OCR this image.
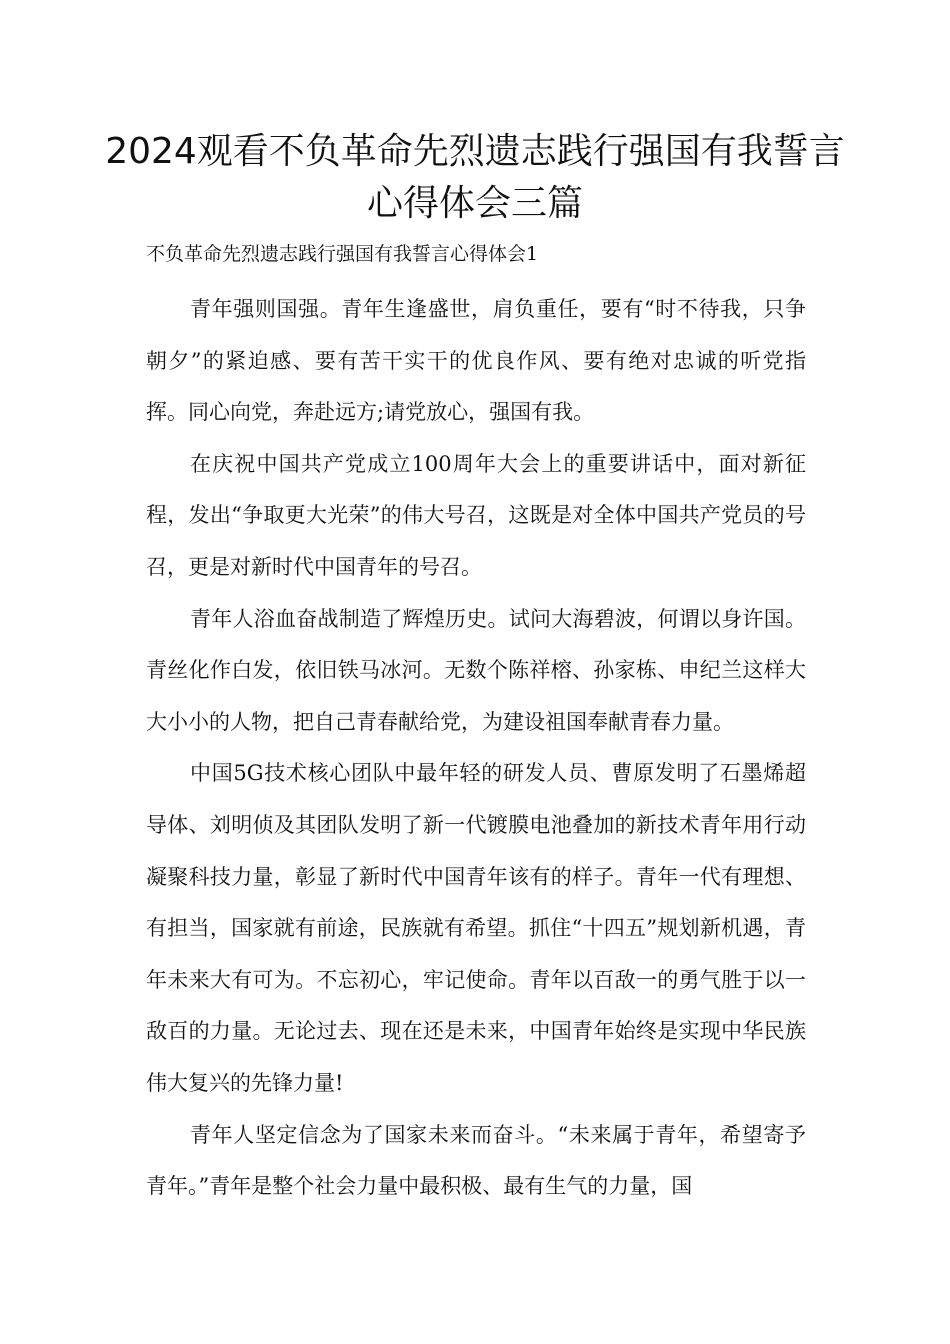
2024观看不负革命先烈遗志践行强国有我誓言心得体会三篇

不负革命先烈遗志践行强国有我誓言心得体会1

青年强则国强。青年生逢盛世，肩负重任，要有“时不待我，只争朝夕”的紧迫感、要有苦干实干的优良作风、要有绝对忠诚的听党指挥。同心向党，奔赴远方;请党放心，强国有我。

在庆祝中国共产党成立100周年大会上的重要讲话中，面对新征程，发出“争取更大光荣”的伟大号召，这既是对全体中国共产党员的号召，更是对新时代中国青年的号召。

青年人浴血奋战制造了辉煌历史。试问大海碧波，何谓以身许国。青丝化作白发，依旧铁马冰河。无数个陈祥榕、孙家栋、申纪兰这样大大小小的人物，把自己青春献给党，为建设祖国奉献青春力量。

中国5G技术核心团队中最年轻的研发人员、曹原发明了石墨烯超导体、刘明侦及其团队发明了新一代镀膜电池叠加的新技术青年用行动凝聚科技力量，彰显了新时代中国青年该有的样子。青年一代有理想、有担当，国家就有前途，民族就有希望。抓住“十四五”规划新机遇，青年未来大有可为。不忘初心，牢记使命。青年以百敌一的勇气胜于以一敌百的力量。无论过去、现在还是未来，中国青年始终是实现中华民族伟大复兴的先锋力量!

青年人坚定信念为了国家未来而奋斗。“未来属于青年，希望寄予青年。”青年是整个社会力量中最积极、最有生气的力量，国
